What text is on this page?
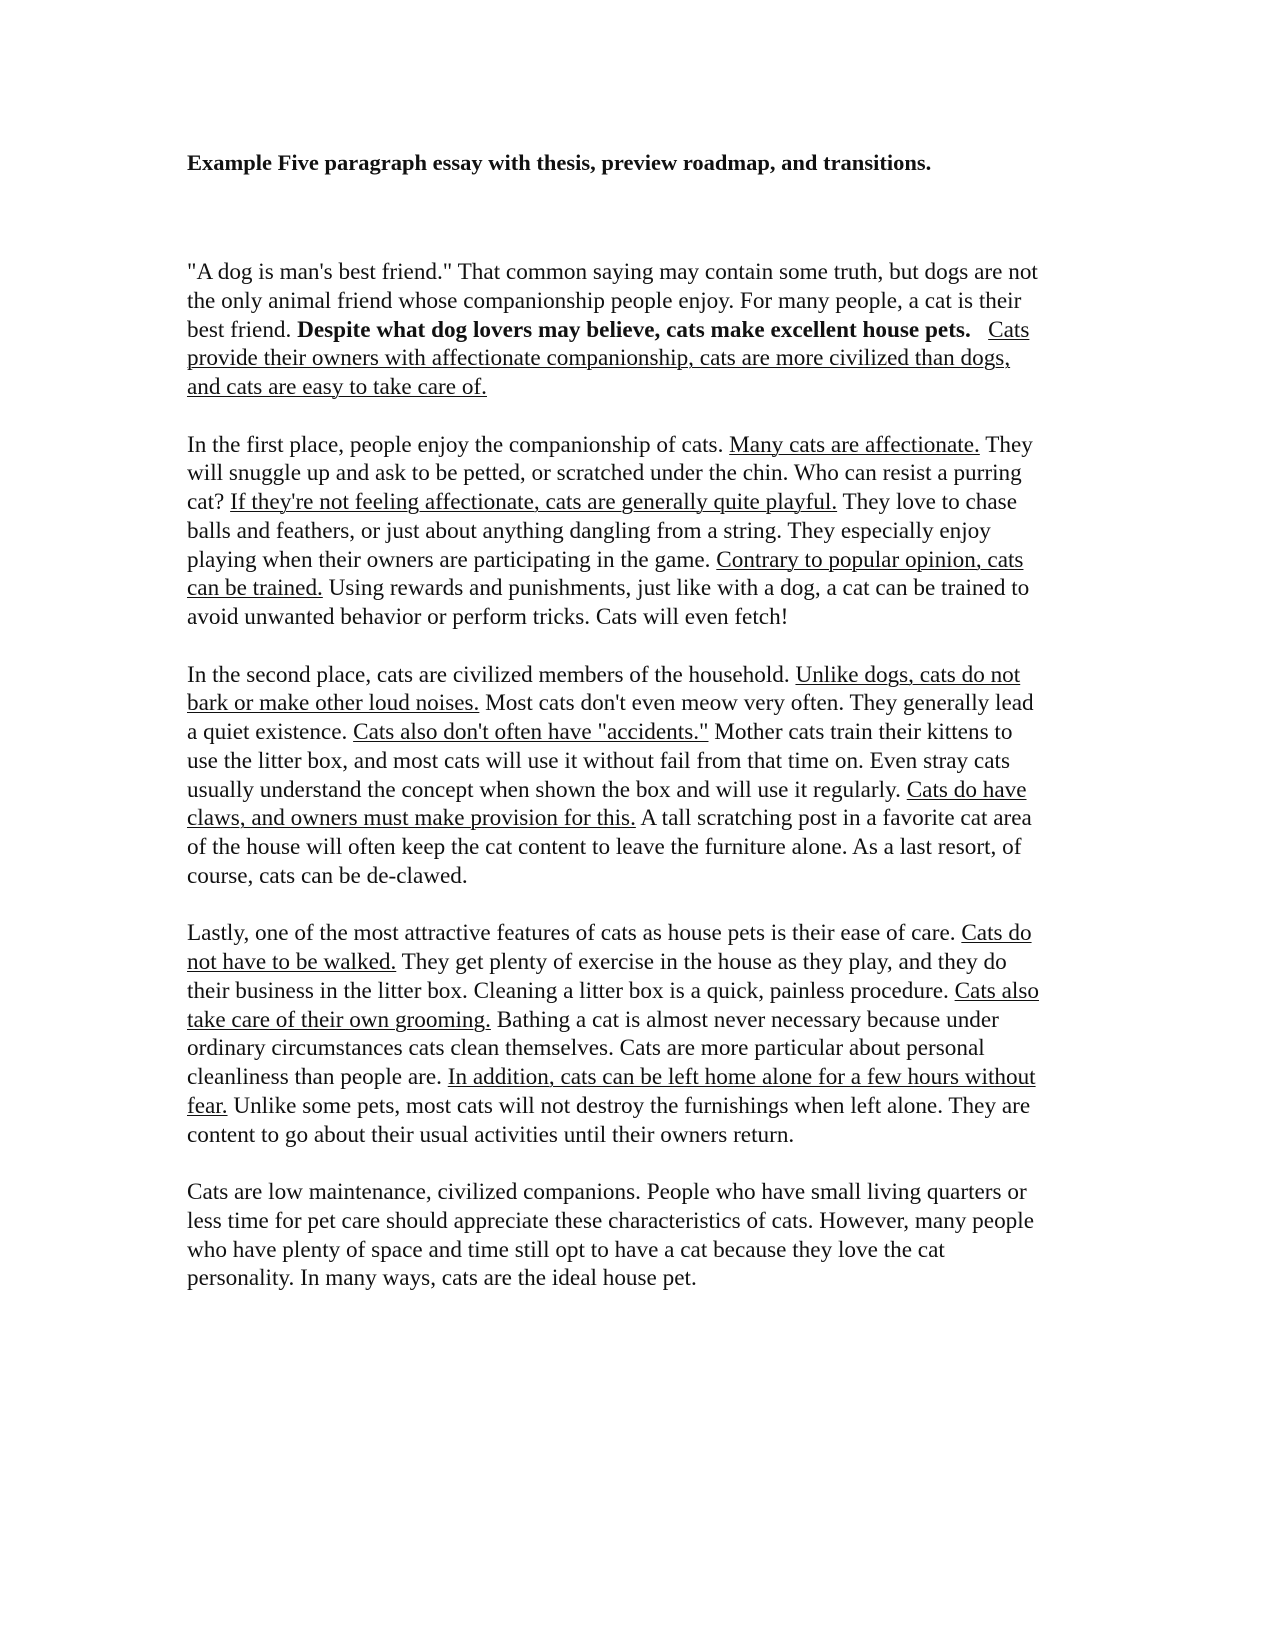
Example Five paragraph essay with thesis, preview roadmap, and transitions.

"A dog is man's best friend." That common saying may contain some truth, but dogs are not the only animal friend whose companionship people enjoy. For many people, a cat is their best friend. Despite what dog lovers may believe, cats make excellent house pets. Cats provide their owners with affectionate companionship, cats are more civilized than dogs, and cats are easy to take care of.

In the first place, people enjoy the companionship of cats. Many cats are affectionate. They will snuggle up and ask to be petted, or scratched under the chin. Who can resist a purring cat? If they're not feeling affectionate, cats are generally quite playful. They love to chase balls and feathers, or just about anything dangling from a string. They especially enjoy playing when their owners are participating in the game. Contrary to popular opinion, cats can be trained. Using rewards and punishments, just like with a dog, a cat can be trained to avoid unwanted behavior or perform tricks. Cats will even fetch!

In the second place, cats are civilized members of the household. Unlike dogs, cats do not bark or make other loud noises. Most cats don't even meow very often. They generally lead a quiet existence. Cats also don't often have "accidents." Mother cats train their kittens to use the litter box, and most cats will use it without fail from that time on. Even stray cats usually understand the concept when shown the box and will use it regularly. Cats do have claws, and owners must make provision for this. A tall scratching post in a favorite cat area of the house will often keep the cat content to leave the furniture alone. As a last resort, of course, cats can be de-clawed.

Lastly, one of the most attractive features of cats as house pets is their ease of care. Cats do not have to be walked. They get plenty of exercise in the house as they play, and they do their business in the litter box. Cleaning a litter box is a quick, painless procedure. Cats also take care of their own grooming. Bathing a cat is almost never necessary because under ordinary circumstances cats clean themselves. Cats are more particular about personal cleanliness than people are. In addition, cats can be left home alone for a few hours without fear. Unlike some pets, most cats will not destroy the furnishings when left alone. They are content to go about their usual activities until their owners return.

Cats are low maintenance, civilized companions. People who have small living quarters or less time for pet care should appreciate these characteristics of cats. However, many people who have plenty of space and time still opt to have a cat because they love the cat personality. In many ways, cats are the ideal house pet.
